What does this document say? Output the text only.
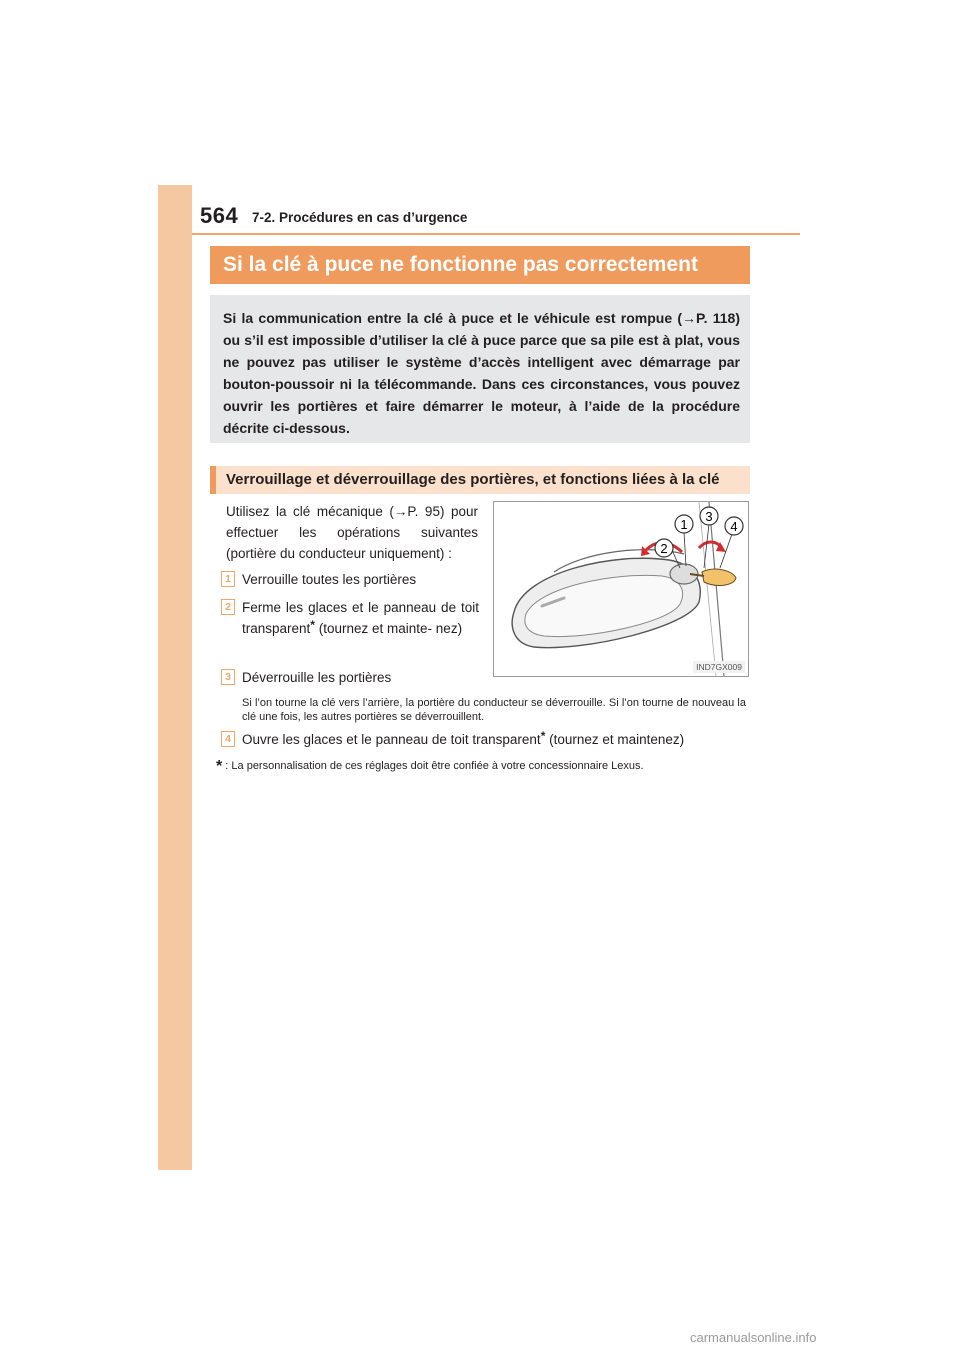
564 7-2. Procédures en cas d’urgence
Si la clé à puce ne fonctionne pas correctement
Si la communication entre la clé à puce et le véhicule est rompue (→P. 118) ou s’il est impossible d’utiliser la clé à puce parce que sa pile est à plat, vous ne pouvez pas utiliser le système d’accès intelligent avec démarrage par bouton-poussoir ni la télécommande. Dans ces circonstances, vous pouvez ouvrir les portières et faire démarrer le moteur, à l’aide de la procédure décrite ci-dessous.
Verrouillage et déverrouillage des portières, et fonctions liées à la clé
Utilisez la clé mécanique (→P. 95) pour effectuer les opérations suivantes (portière du conducteur uniquement) :
1 Verrouille toutes les portières
2 Ferme les glaces et le panneau de toit transparent* (tournez et mainte- nez)
3 Déverrouille les portières
Si l’on tourne la clé vers l’arrière, la portière du conducteur se déverrouille. Si l’on tourne de nouveau la clé une fois, les autres portières se déverrouillent.
4 Ouvre les glaces et le panneau de toit transparent* (tournez et maintenez)
* : La personnalisation de ces réglages doit être confiée à votre concessionnaire Lexus.
1
3
4
2
IND7GX009
carmanualsonline.info
